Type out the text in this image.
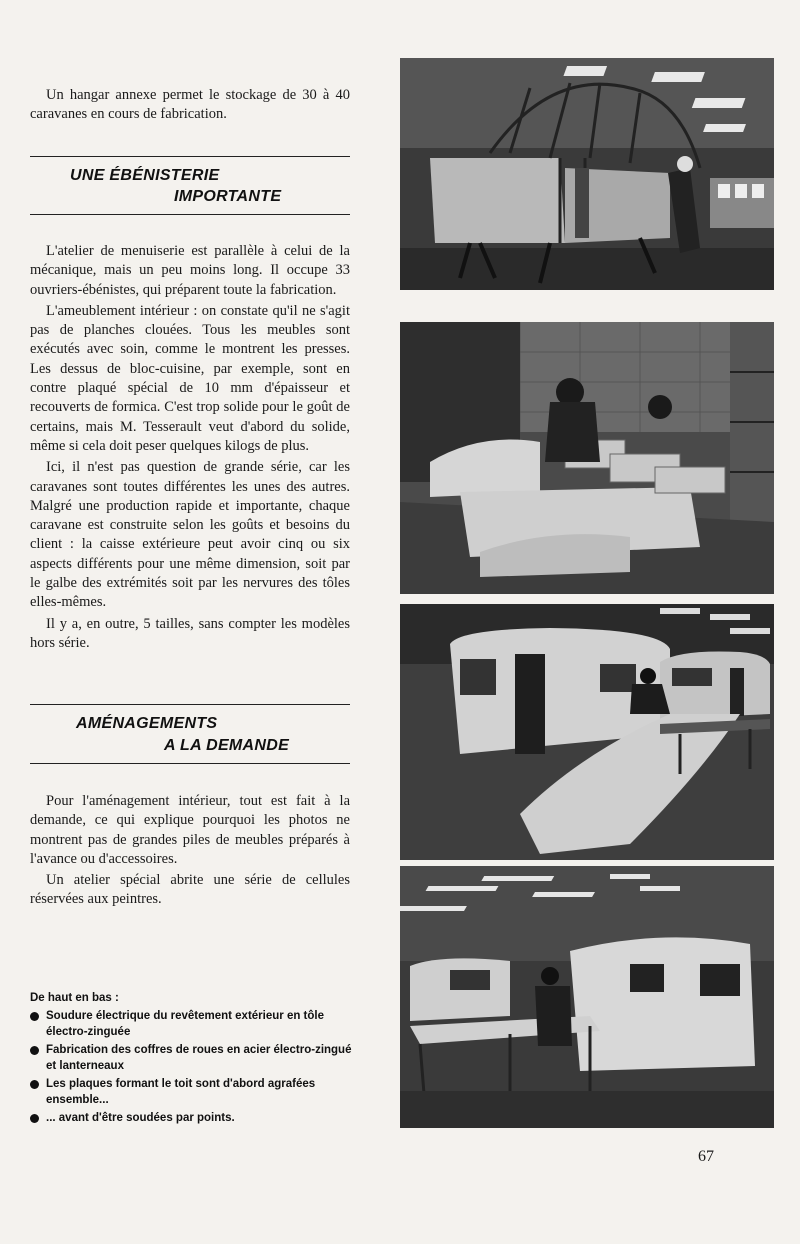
Un hangar annexe permet le stockage de 30 à 40 caravanes en cours de fabrication.

UNE ÉBÉNISTERIE
IMPORTANTE

L'atelier de menuiserie est parallèle à celui de la mécanique, mais un peu moins long. Il occupe 33 ouvriers-ébénistes, qui préparent toute la fabrication.

L'ameublement intérieur : on constate qu'il ne s'agit pas de planches clouées. Tous les meubles sont exécutés avec soin, comme le montrent les presses. Les dessus de bloc-cuisine, par exemple, sont en contre plaqué spécial de 10 mm d'épaisseur et recouverts de formica. C'est trop solide pour le goût de certains, mais M. Tesserault veut d'abord du solide, même si cela doit peser quelques kilogs de plus.

Ici, il n'est pas question de grande série, car les caravanes sont toutes différentes les unes des autres. Malgré une production rapide et importante, chaque caravane est construite selon les goûts et besoins du client : la caisse extérieure peut avoir cinq ou six aspects différents pour une même dimension, soit par le galbe des extrémités soit par les nervures des tôles elles-mêmes.

Il y a, en outre, 5 tailles, sans compter les modèles hors série.

AMÉNAGEMENTS
A LA DEMANDE

Pour l'aménagement intérieur, tout est fait à la demande, ce qui explique pourquoi les photos ne montrent pas de grandes piles de meubles préparés à l'avance ou d'accessoires.

Un atelier spécial abrite une série de cellules réservées aux peintres.

De haut en bas :
Soudure électrique du revêtement extérieur en tôle électro-zinguée
Fabrication des coffres de roues en acier électro-zingué et lanterneaux
Les plaques formant le toit sont d'abord agrafées ensemble...
... avant d'être soudées par points.
67
